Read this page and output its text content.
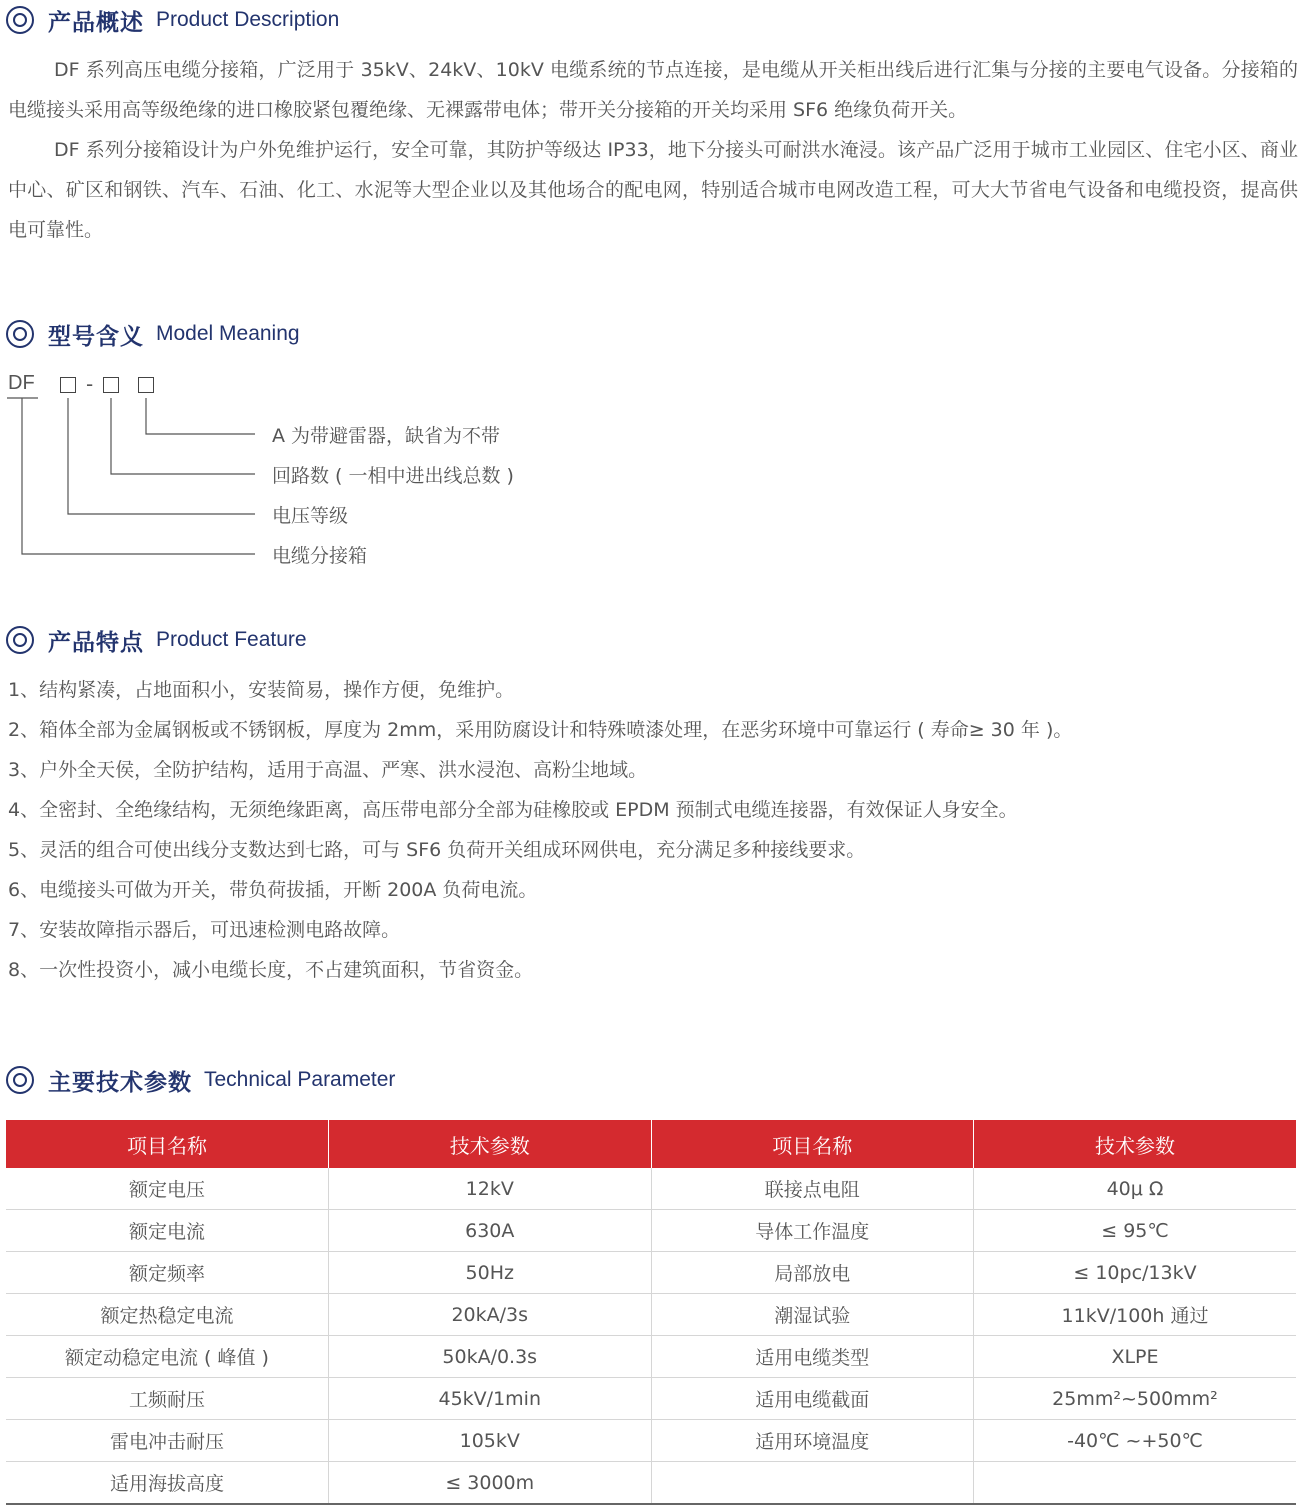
产品概述 Product Description

DF 系列高压电缆分接箱，广泛用于 35kV、24kV、10kV 电缆系统的节点连接，是电缆从开关柜出线后进行汇集与分接的主要电气设备。分接箱的电缆接头采用高等级绝缘的进口橡胶紧包覆绝缘、无裸露带电体；带开关分接箱的开关均采用 SF6 绝缘负荷开关。

DF 系列分接箱设计为户外免维护运行，安全可靠，其防护等级达 IP33，地下分接头可耐洪水淹浸。该产品广泛用于城市工业园区、住宅小区、商业中心、矿区和钢铁、汽车、石油、化工、水泥等大型企业以及其他场合的配电网，特别适合城市电网改造工程，可大大节省电气设备和电缆投资，提高供电可靠性。

型号含义 Model Meaning
DF	-
A 为带避雷器，缺省为不带
回路数 ( 一相中进出线总数 )
电压等级
电缆分接箱
产品特点 Product Feature
1、结构紧凑，占地面积小，安装简易，操作方便，免维护。
2、箱体全部为金属钢板或不锈钢板，厚度为 2mm，采用防腐设计和特殊喷漆处理，在恶劣环境中可靠运行 ( 寿命≥ 30 年 )。
3、户外全天侯，全防护结构，适用于高温、严寒、洪水浸泡、高粉尘地域。
4、全密封、全绝缘结构，无须绝缘距离，高压带电部分全部为硅橡胶或 EPDM 预制式电缆连接器，有效保证人身安全。
5、灵活的组合可使出线分支数达到七路，可与 SF6 负荷开关组成环网供电，充分满足多种接线要求。
6、电缆接头可做为开关，带负荷拔插，开断 200A 负荷电流。
7、安装故障指示器后，可迅速检测电路故障。
8、一次性投资小，减小电缆长度，不占建筑面积，节省资金。
主要技术参数 Technical Parameter
项目名称	技术参数	项目名称	技术参数
额定电压	12kV	联接点电阻	40μ Ω
额定电流	630A	导体工作温度	≤ 95℃
额定频率	50Hz	局部放电	≤ 10pc/13kV
额定热稳定电流	20kA/3s	潮湿试验	11kV/100h 通过
额定动稳定电流 ( 峰值 )	50kA/0.3s	适用电缆类型	XLPE
工频耐压	45kV/1min	适用电缆截面	25mm²~500mm²
雷电冲击耐压	105kV	适用环境温度	-40℃ ~+50℃
适用海拔高度	≤ 3000m		
